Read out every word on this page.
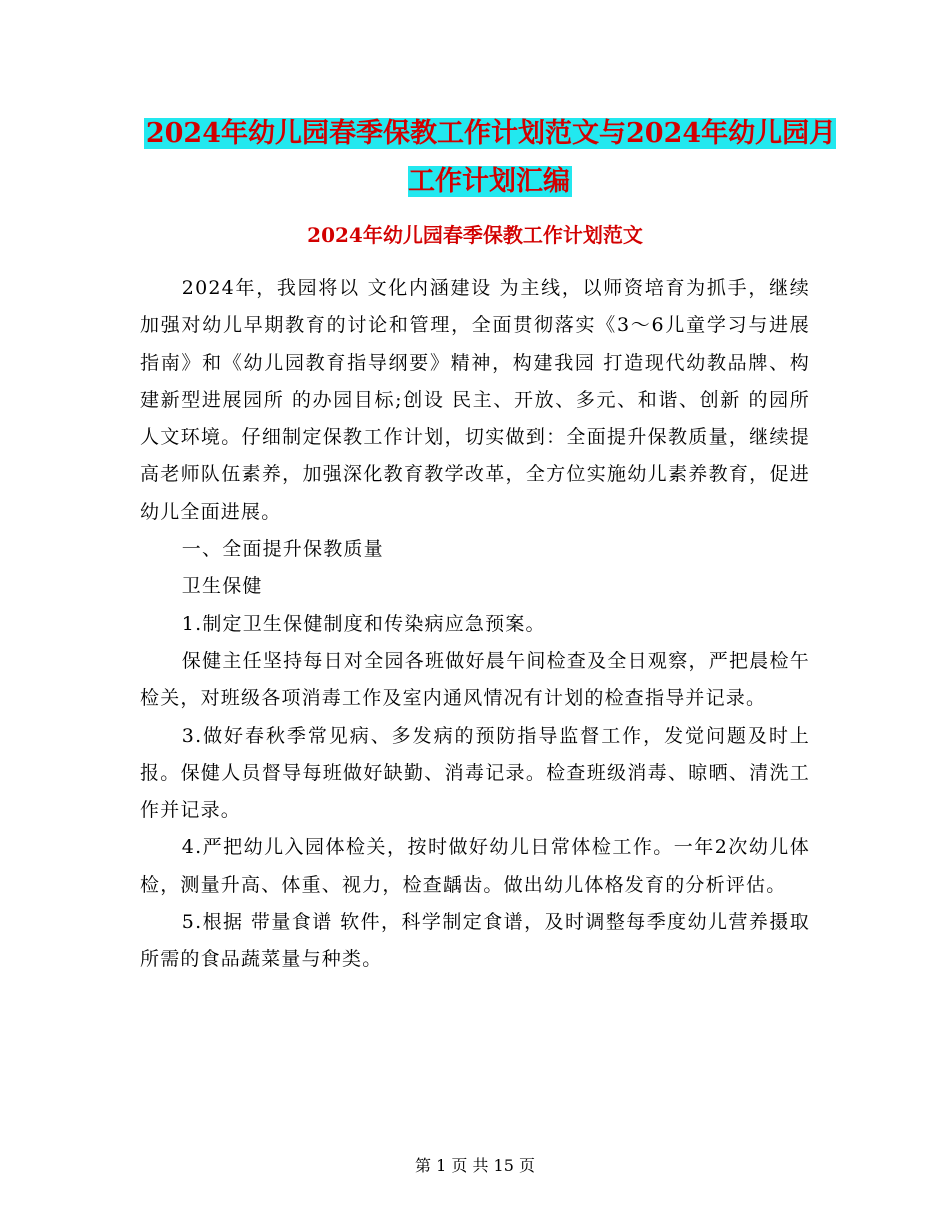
2024年幼儿园春季保教工作计划范文与2024年幼儿园月工作计划汇编
2024年幼儿园春季保教工作计划范文

2024年，我园将以 文化内涵建设 为主线，以师资培育为抓手，继续加强对幼儿早期教育的讨论和管理，全面贯彻落实《3～6儿童学习与进展指南》和《幼儿园教育指导纲要》精神，构建我园 打造现代幼教品牌、构建新型进展园所 的办园目标;创设 民主、开放、多元、和谐、创新 的园所人文环境。仔细制定保教工作计划，切实做到：全面提升保教质量，继续提高老师队伍素养，加强深化教育教学改革，全方位实施幼儿素养教育，促进幼儿全面进展。

一、全面提升保教质量

卫生保健

1.制定卫生保健制度和传染病应急预案。

保健主任坚持每日对全园各班做好晨午间检查及全日观察，严把晨检午检关，对班级各项消毒工作及室内通风情况有计划的检查指导并记录。

3.做好春秋季常见病、多发病的预防指导监督工作，发觉问题及时上报。保健人员督导每班做好缺勤、消毒记录。检查班级消毒、晾晒、清洗工作并记录。

4.严把幼儿入园体检关，按时做好幼儿日常体检工作。一年2次幼儿体检，测量升高、体重、视力，检查龋齿。做出幼儿体格发育的分析评估。

5.根据 带量食谱 软件，科学制定食谱，及时调整每季度幼儿营养摄取所需的食品蔬菜量与种类。

第 1 页 共 15 页
